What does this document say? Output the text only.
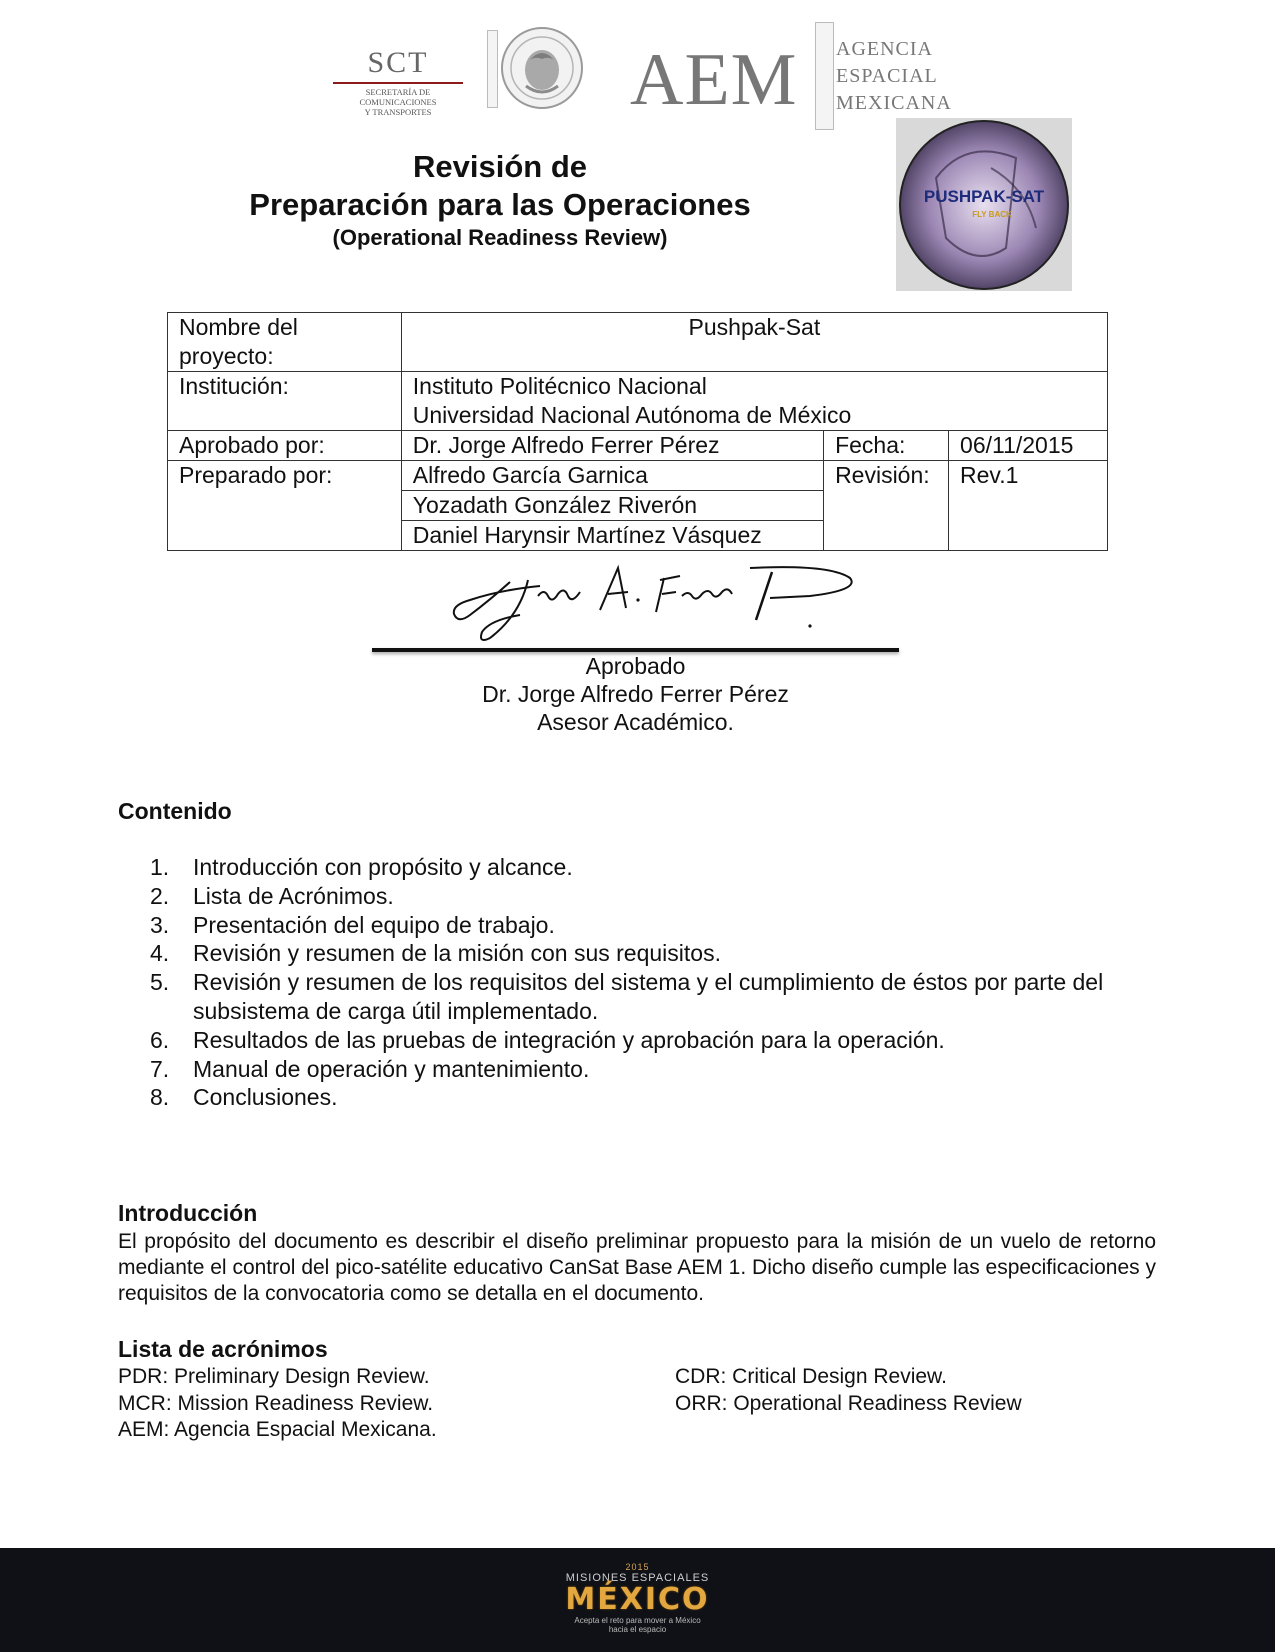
SCT
SECRETARÍA DE
COMUNICACIONES
Y TRANSPORTES	AEM AGENCIA
ESPACIAL
MEXICANA
Revisión de
Preparación para las Operaciones
(Operational Readiness Review)
PUSHPAK-SAT
FLY BACK
Nombre del proyecto:	Pushpak-Sat		
Institución:	Instituto Politécnico Nacional
Universidad Nacional Autónoma de México		

Aprobado por:	Dr. Jorge Alfredo Ferrer Pérez	Fecha:	06/11/2015
Preparado por:	Alfredo García Garnica	Revisión:	Rev.1
	Yozadath González Riverón		
	Daniel Harynsir Martínez Vásquez		
Aprobado
Dr. Jorge Alfredo Ferrer Pérez
Asesor Académico.
Contenido
1.	Introducción con propósito y alcance.
2.	Lista de Acrónimos.
3.	Presentación del equipo de trabajo.
4.	Revisión y resumen de la misión con sus requisitos.
5.	Revisión y resumen de los requisitos del sistema y el cumplimiento de éstos por parte del subsistema de carga útil implementado.
6.	Resultados de las pruebas de integración y aprobación para la operación.
7.	Manual de operación y mantenimiento.
8.	Conclusiones.
Introducción
El propósito del documento es describir el diseño preliminar propuesto para la misión de un vuelo de retorno mediante el control del pico-satélite educativo CanSat Base AEM 1. Dicho diseño cumple las especificaciones y requisitos de la convocatoria como se detalla en el documento.
Lista de acrónimos
PDR: Preliminary Design Review.
MCR: Mission Readiness Review.
AEM: Agencia Espacial Mexicana.
CDR: Critical Design Review.
ORR: Operational Readiness Review
2015
MISIONES ESPACIALES
MÉXICO
Acepta el reto para mover a México
hacia el espacio
